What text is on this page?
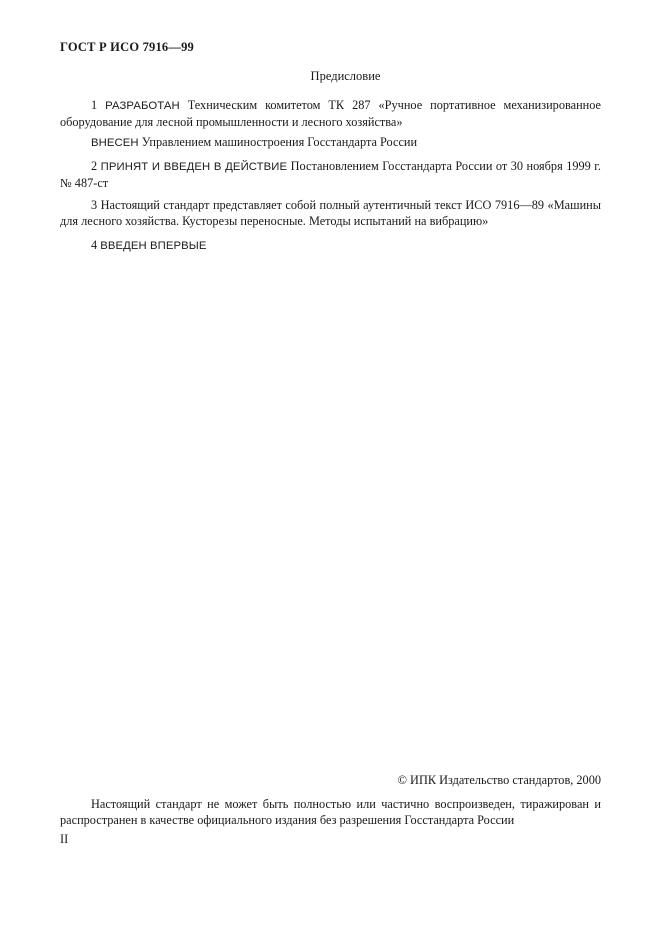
ГОСТ Р ИСО 7916—99
Предисловие
1 РАЗРАБОТАН Техническим комитетом ТК 287 «Ручное портативное механизированное оборудование для лесной промышленности и лесного хозяйства»
ВНЕСЕН Управлением машиностроения Госстандарта России
2 ПРИНЯТ И ВВЕДЕН В ДЕЙСТВИЕ Постановлением Госстандарта России от 30 ноября 1999 г. № 487-ст
3 Настоящий стандарт представляет собой полный аутентичный текст ИСО 7916—89 «Машины для лесного хозяйства. Кусторезы переносные. Методы испытаний на вибрацию»
4 ВВЕДЕН ВПЕРВЫЕ
© ИПК Издательство стандартов, 2000
Настоящий стандарт не может быть полностью или частично воспроизведен, тиражирован и распространен в качестве официального издания без разрешения Госстандарта России
II
